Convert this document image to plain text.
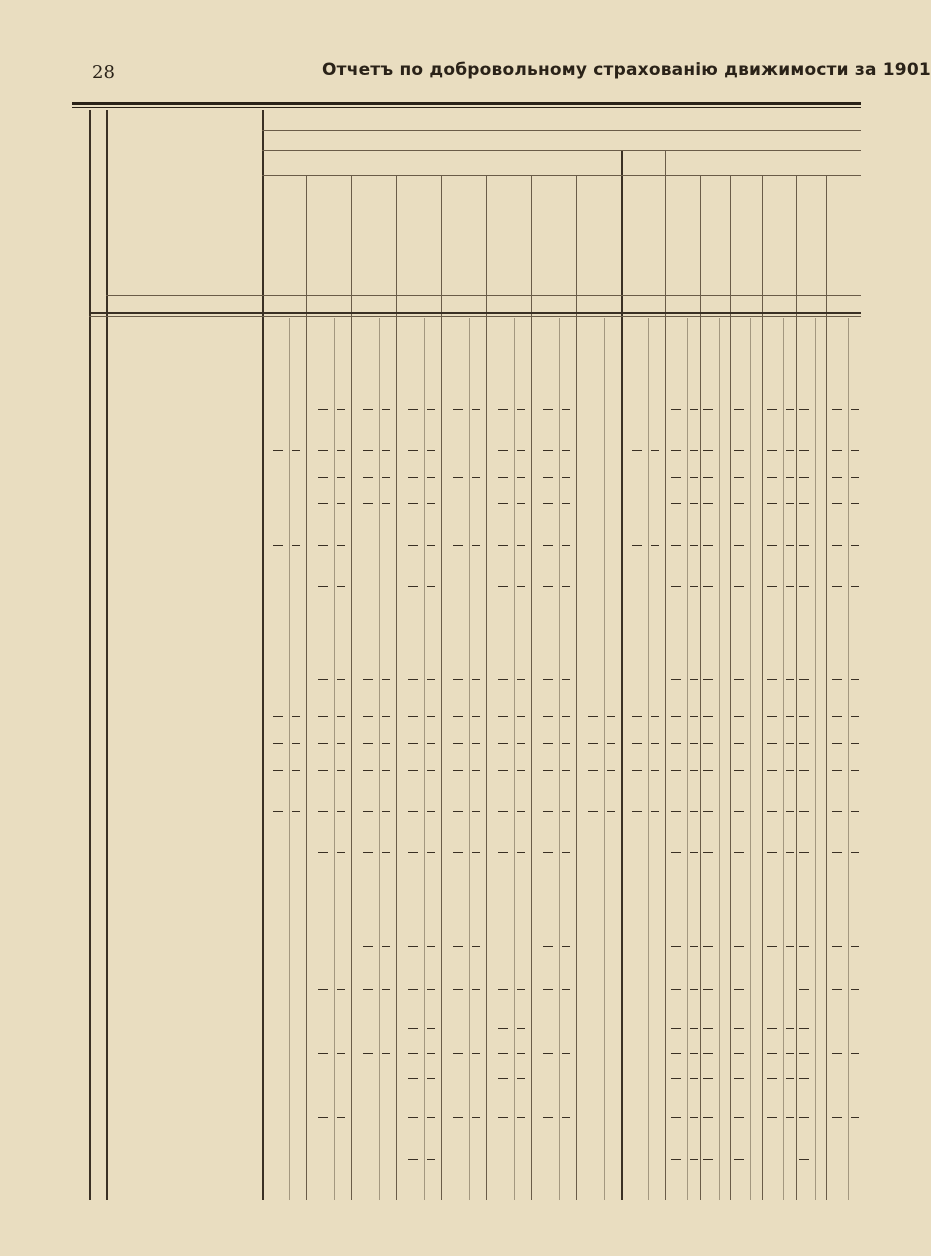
28	Отчетъ по добровольному страхованію движимости за 1901
